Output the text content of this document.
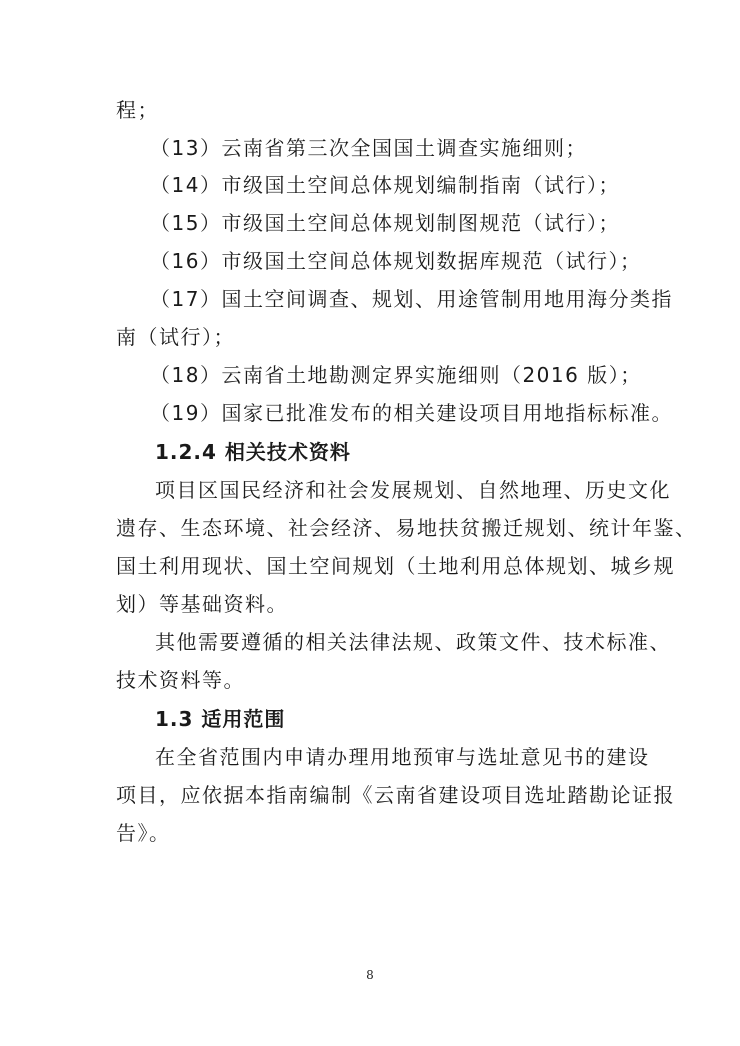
程；
（13）云南省第三次全国国土调查实施细则；
（14）市级国土空间总体规划编制指南（试行）；
（15）市级国土空间总体规划制图规范（试行）；
（16）市级国土空间总体规划数据库规范（试行）；
（17）国土空间调查、规划、用途管制用地用海分类指
南（试行）；
（18）云南省土地勘测定界实施细则（2016 版）；
（19）国家已批准发布的相关建设项目用地指标标准。
1.2.4 相关技术资料
项目区国民经济和社会发展规划、自然地理、历史文化
遗存、生态环境、社会经济、易地扶贫搬迁规划、统计年鉴、
国土利用现状、国土空间规划（土地利用总体规划、城乡规
划）等基础资料。
其他需要遵循的相关法律法规、政策文件、技术标准、
技术资料等。
1.3 适用范围
在全省范围内申请办理用地预审与选址意见书的建设
项目，应依据本指南编制《云南省建设项目选址踏勘论证报
告》。
8
